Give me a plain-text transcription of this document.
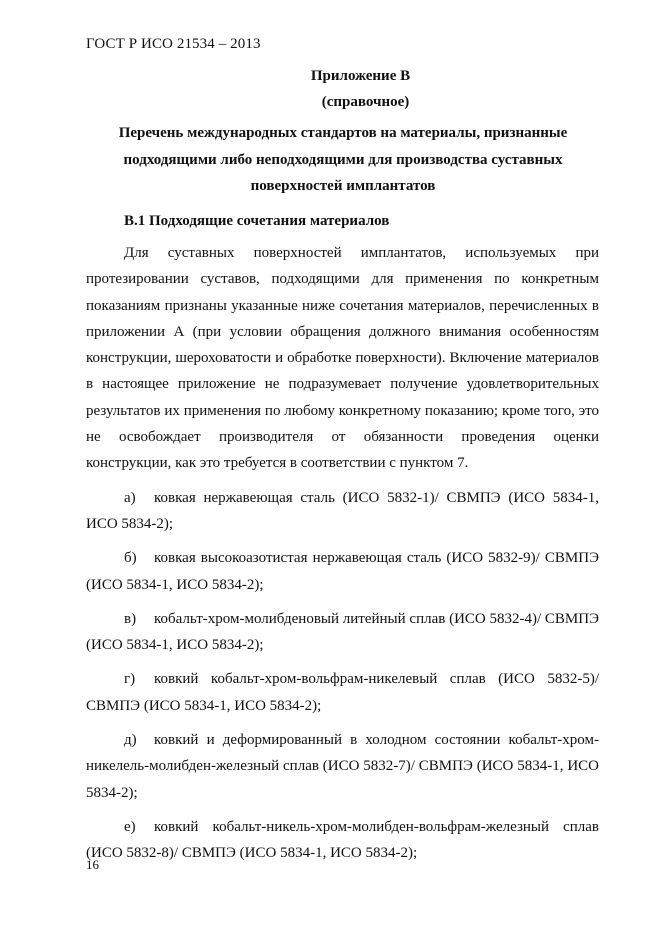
ГОСТ Р ИСО 21534 – 2013
Приложение В
(справочное)
Перечень международных стандартов на материалы, признанные подходящими либо неподходящими для производства суставных поверхностей имплантатов
В.1 Подходящие сочетания материалов

Для суставных поверхностей имплантатов, используемых при протезировании суставов, подходящими для применения по конкретным показаниям признаны указанные ниже сочетания материалов, перечисленных в приложении А (при условии обращения должного внимания особенностям конструкции, шероховатости и обработке поверхности). Включение материалов в настоящее приложение не подразумевает получение удовлетворительных результатов их применения по любому конкретному показанию; кроме того, это не освобождает производителя от обязанности проведения оценки конструкции, как это требуется в соответствии с пунктом 7.

а) ковкая нержавеющая сталь (ИСО 5832-1)/ СВМПЭ (ИСО 5834-1, ИСО 5834-2);

б) ковкая высокоазотистая нержавеющая сталь (ИСО 5832-9)/ СВМПЭ (ИСО 5834-1, ИСО 5834-2);

в) кобальт-хром-молибденовый литейный сплав (ИСО 5832-4)/ СВМПЭ (ИСО 5834-1, ИСО 5834-2);

г) ковкий кобальт-хром-вольфрам-никелевый сплав (ИСО 5832-5)/ СВМПЭ (ИСО 5834-1, ИСО 5834-2);

д) ковкий и деформированный в холодном состоянии кобальт-хром-никелель-молибден-железный сплав (ИСО 5832-7)/ СВМПЭ (ИСО 5834-1, ИСО 5834-2);

е) ковкий кобальт-никель-хром-молибден-вольфрам-железный сплав (ИСО 5832-8)/ СВМПЭ (ИСО 5834-1, ИСО 5834-2);

16
